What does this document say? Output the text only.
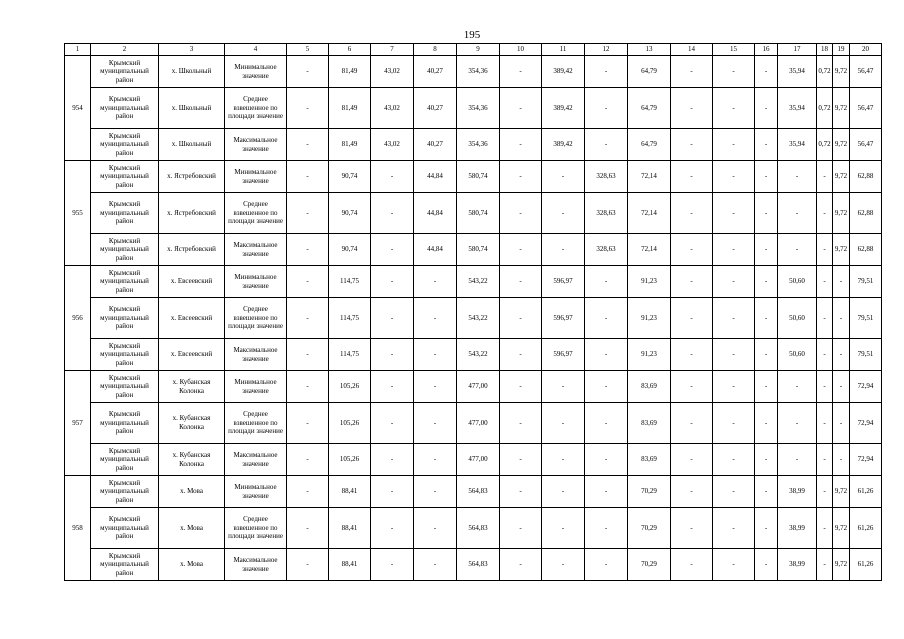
195
1	2	3	4	5	6	7	8	9	10	11	12	13	14	15	16	17	18	19	20
954	Крымский муниципальный район	х. Школьный	Минимальное значение	-	81,49	43,02	40,27	354,36	-	389,42	-	64,79	-	-	-	35,94	0,72	9,72	56,47
	Крымский муниципальный район	х. Школьный	Среднее взвешенное по площади значение	-	81,49	43,02	40,27	354,36	-	389,42	-	64,79	-	-	-	35,94	0,72	9,72	56,47
	Крымский муниципальный район	х. Школьный	Максимальное значение	-	81,49	43,02	40,27	354,36	-	389,42	-	64,79	-	-	-	35,94	0,72	9,72	56,47
955	Крымский муниципальный район	х. Ястребовский	Минимальное значение	-	90,74	-	44,84	580,74	-	-	328,63	72,14	-	-	-	-	-	9,72	62,88
	Крымский муниципальный район	х. Ястребовский	Среднее взвешенное по площади значение	-	90,74	-	44,84	580,74	-	-	328,63	72,14	-	-	-	-	-	9,72	62,88
	Крымский муниципальный район	х. Ястребовский	Максимальное значение	-	90,74	-	44,84	580,74	-	-	328,63	72,14	-	-	-	-	-	9,72	62,88
956	Крымский муниципальный район	х. Евсеевский	Минимальное значение	-	114,75	-	-	543,22	-	596,97	-	91,23	-	-	-	50,60	-	-	79,51
	Крымский муниципальный район	х. Евсеевский	Среднее взвешенное по площади значение	-	114,75	-	-	543,22	-	596,97	-	91,23	-	-	-	50,60	-	-	79,51
	Крымский муниципальный район	х. Евсеевский	Максимальное значение	-	114,75	-	-	543,22	-	596,97	-	91,23	-	-	-	50,60	-	-	79,51
957	Крымский муниципальный район	х. Кубанская Колонка	Минимальное значение	-	105,26	-	-	477,00	-	-	-	83,69	-	-	-	-	-	-	72,94
	Крымский муниципальный район	х. Кубанская Колонка	Среднее взвешенное по площади значение	-	105,26	-	-	477,00	-	-	-	83,69	-	-	-	-	-	-	72,94
	Крымский муниципальный район	х. Кубанская Колонка	Максимальное значение	-	105,26	-	-	477,00	-	-	-	83,69	-	-	-	-	-	-	72,94
958	Крымский муниципальный район	х. Мова	Минимальное значение	-	88,41	-	-	564,83	-	-	-	70,29	-	-	-	38,99	-	9,72	61,26
	Крымский муниципальный район	х. Мова	Среднее взвешенное по площади значение	-	88,41	-	-	564,83	-	-	-	70,29	-	-	-	38,99	-	9,72	61,26
	Крымский муниципальный район	х. Мова	Максимальное значение	-	88,41	-	-	564,83	-	-	-	70,29	-	-	-	38,99	-	9,72	61,26
